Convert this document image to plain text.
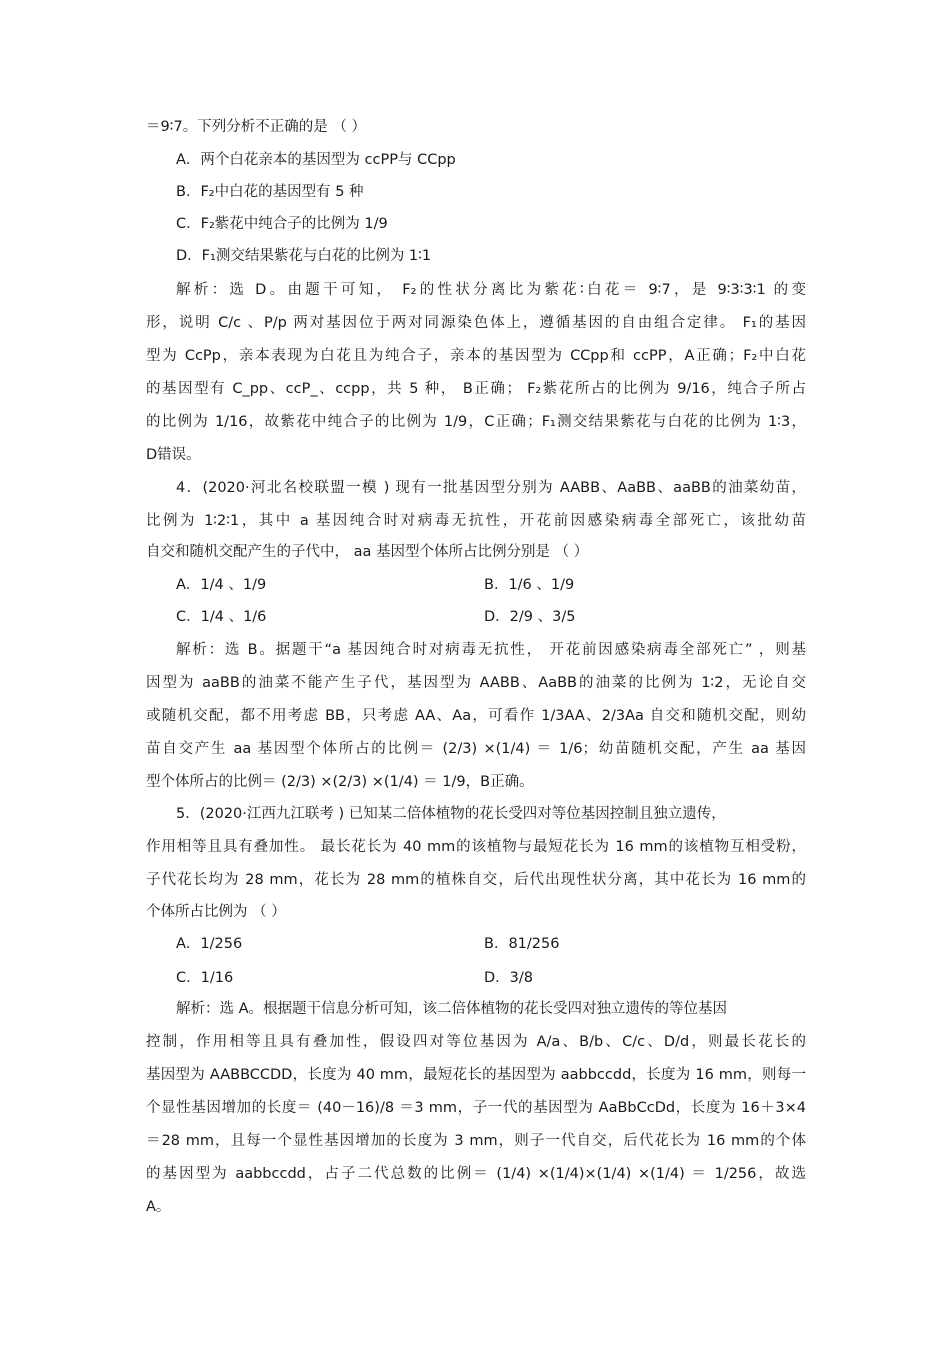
＝9∶7。下列分析不正确的是 （ ）
A．两个白花亲本的基因型为 ccPP与 CCpp
B．F₂中白花的基因型有 5 种
C．F₂紫花中纯合子的比例为 1/9
D．F₁测交结果紫花与白花的比例为 1∶1
解析：选 D。由题干可知， F₂的性状分离比为紫花∶白花＝ 9∶7，是 9∶3∶3∶1 的变
形，说明 C/c 、P/p 两对基因位于两对同源染色体上，遵循基因的自由组合定律。 F₁的基因
型为 CcPp，亲本表现为白花且为纯合子，亲本的基因型为 CCpp和 ccPP，A正确；F₂中白花
的基因型有 C_pp、ccP_、ccpp，共 5 种， B正确； F₂紫花所占的比例为 9/16，纯合子所占
的比例为 1/16，故紫花中纯合子的比例为 1/9，C正确；F₁测交结果紫花与白花的比例为 1∶3，
D错误。
4．(2020·河北名校联盟一模 ) 现有一批基因型分别为 AABB、AaBB、aaBB的油菜幼苗，
比例为 1∶2∶1，其中 a 基因纯合时对病毒无抗性，开花前因感染病毒全部死亡，该批幼苗
自交和随机交配产生的子代中， aa 基因型个体所占比例分别是 （ ）
A．1/4 、1/9	B．1/6 、1/9
C．1/4 、1/6	D．2/9 、3/5
解析：选 B。据题干“a 基因纯合时对病毒无抗性， 开花前因感染病毒全部死亡” ，则基
因型为 aaBB的油菜不能产生子代，基因型为 AABB、AaBB的油菜的比例为 1∶2，无论自交
或随机交配，都不用考虑 BB，只考虑 AA、Aa，可看作 1/3AA、2/3Aa 自交和随机交配，则幼
苗自交产生 aa 基因型个体所占的比例＝ (2/3) ×(1/4) ＝ 1/6；幼苗随机交配，产生 aa 基因
型个体所占的比例＝ (2/3) ×(2/3) ×(1/4) ＝ 1/9，B正确。
5．(2020·江西九江联考 ) 已知某二倍体植物的花长受四对等位基因控制且独立遗传，
作用相等且具有叠加性。 最长花长为 40 mm的该植物与最短花长为 16 mm的该植物互相受粉，
子代花长均为 28 mm，花长为 28 mm的植株自交，后代出现性状分离，其中花长为 16 mm的
个体所占比例为 （ ）
A．1/256	B．81/256
C．1/16	D．3/8
解析：选 A。根据题干信息分析可知，该二倍体植物的花长受四对独立遗传的等位基因
控制，作用相等且具有叠加性，假设四对等位基因为 A/a、B/b、C/c、D/d，则最长花长的
基因型为 AABBCCDD，长度为 40 mm，最短花长的基因型为 aabbccdd，长度为 16 mm，则每一
个显性基因增加的长度＝ (40－16)/8 ＝3 mm，子一代的基因型为 AaBbCcDd，长度为 16＋3×4
＝28 mm，且每一个显性基因增加的长度为 3 mm，则子一代自交，后代花长为 16 mm的个体
的基因型为 aabbccdd，占子二代总数的比例＝ (1/4) ×(1/4)×(1/4) ×(1/4) ＝ 1/256，故选
A。
